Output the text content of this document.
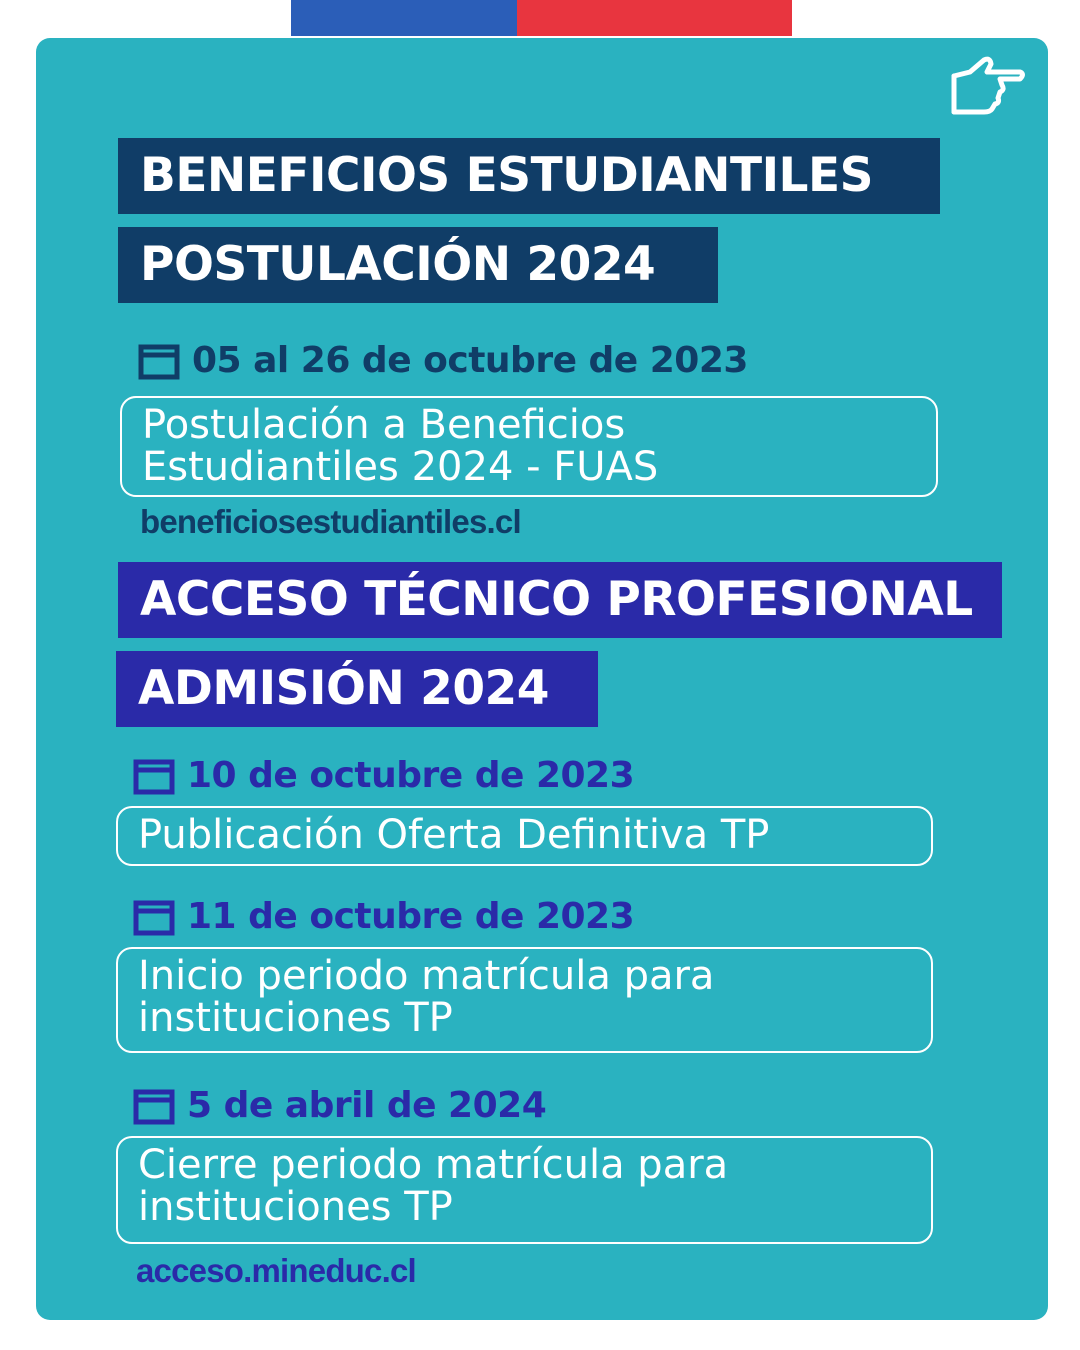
BENEFICIOS ESTUDIANTILES
POSTULACIÓN 2024
05 al 26 de octubre de 2023
Postulación a Beneficios
Estudiantiles 2024 - FUAS
beneficiosestudiantiles.cl
ACCESO TÉCNICO PROFESIONAL
ADMISIÓN 2024
10 de octubre de 2023
Publicación Oferta Definitiva TP
11 de octubre de 2023
Inicio periodo matrícula para
instituciones TP
5 de abril de 2024
Cierre periodo matrícula para
instituciones TP
acceso.mineduc.cl
